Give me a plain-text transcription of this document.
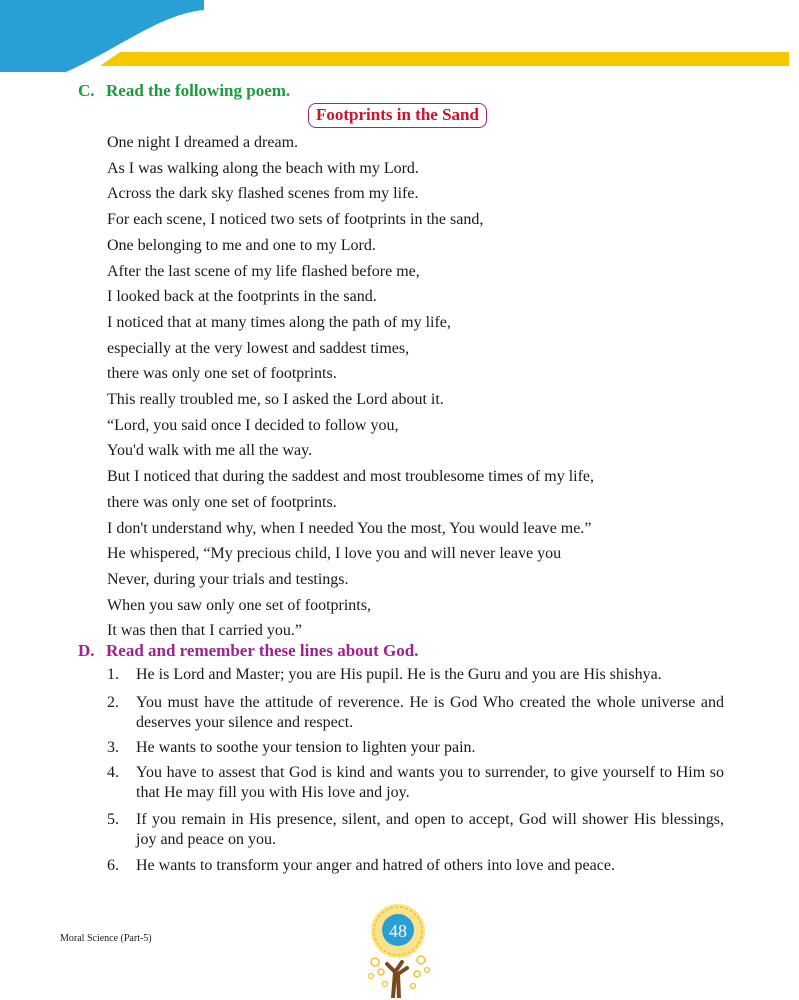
C. Read the following poem.
Footprints in the Sand
One night I dreamed a dream.
As I was walking along the beach with my Lord.
Across the dark sky flashed scenes from my life.
For each scene, I noticed two sets of footprints in the sand,
One belonging to me and one to my Lord.
After the last scene of my life flashed before me,
I looked back at the footprints in the sand.
I noticed that at many times along the path of my life,
especially at the very lowest and saddest times,
there was only one set of footprints.
This really troubled me, so I asked the Lord about it.
“Lord, you said once I decided to follow you,
You'd walk with me all the way.
But I noticed that during the saddest and most troublesome times of my life,
there was only one set of footprints.
I don't understand why, when I needed You the most, You would leave me.”
He whispered, “My precious child, I love you and will never leave you
Never, during your trials and testings.
When you saw only one set of footprints,
It was then that I carried you.”
D. Read and remember these lines about God.
1. He is Lord and Master; you are His pupil. He is the Guru and you are His shishya.
2. You must have the attitude of reverence. He is God Who created the whole universe and deserves your silence and respect.
3. He wants to soothe your tension to lighten your pain.
4. You have to assest that God is kind and wants you to surrender, to give yourself to Him so that He may fill you with His love and joy.
5. If you remain in His presence, silent, and open to accept, God will shower His blessings, joy and peace on you.
6. He wants to transform your anger and hatred of others into love and peace.
Moral Science (Part-5)	48
